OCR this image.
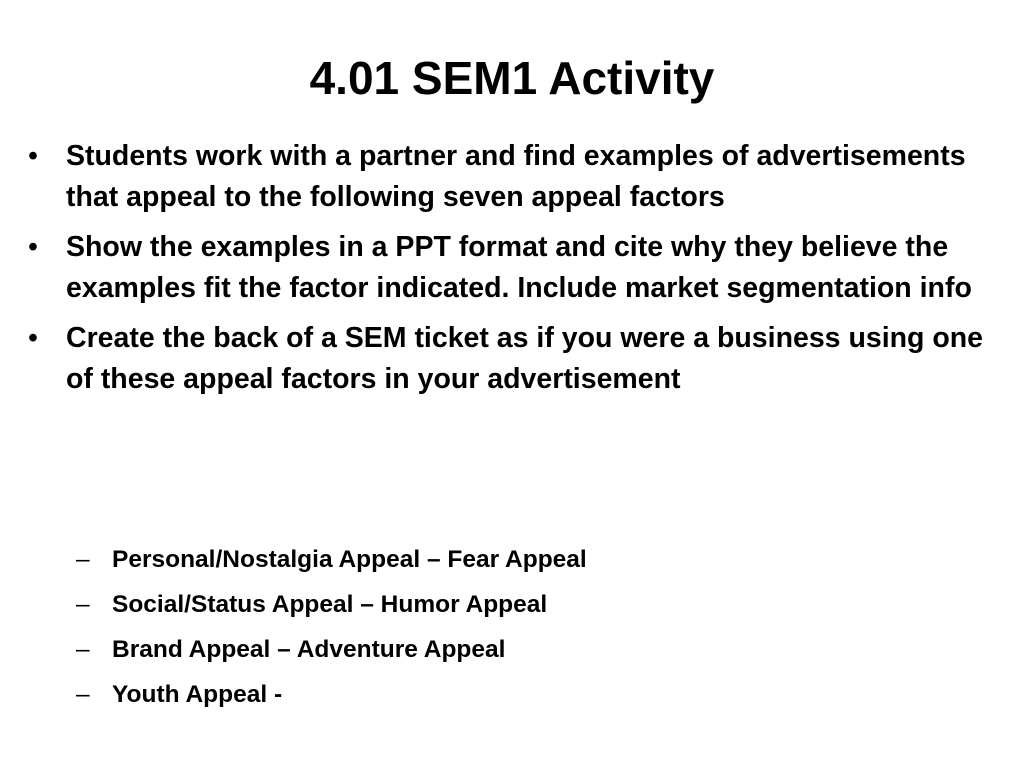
4.01 SEM1 Activity
• Students work with a partner and find examples of advertisements that appeal to the following seven appeal factors
• Show the examples in a PPT format and cite why they believe the examples fit the factor indicated. Include market segmentation info
• Create the back of a SEM ticket as if you were a business using one of these appeal factors in your advertisement
– Personal/Nostalgia Appeal – Fear Appeal
– Social/Status Appeal – Humor Appeal
– Brand Appeal – Adventure Appeal
– Youth Appeal -
